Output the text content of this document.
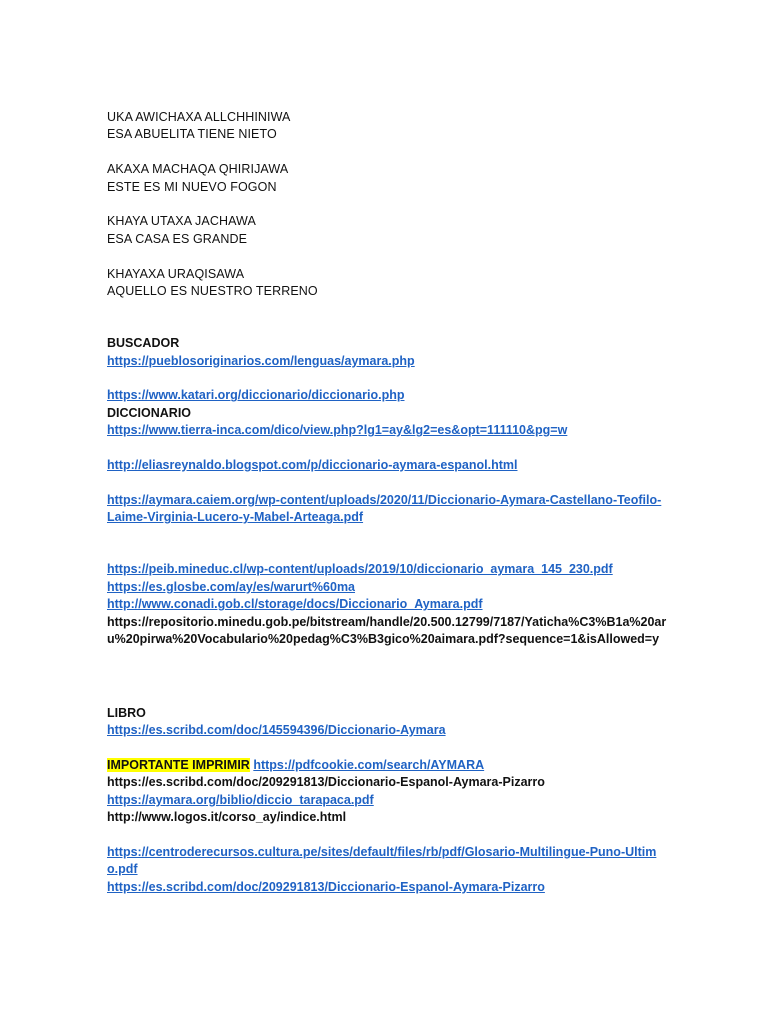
UKA AWICHAXA ALLCHHINIWA
ESA ABUELITA TIENE NIETO
AKAXA MACHAQA QHIRIJAWA
ESTE ES MI NUEVO FOGON
KHAYA UTAXA JACHAWA
ESA CASA ES GRANDE
KHAYAXA URAQISAWA
AQUELLO ES NUESTRO TERRENO
BUSCADOR
https://pueblosoriginarios.com/lenguas/aymara.php
https://www.katari.org/diccionario/diccionario.php
DICCIONARIO
https://www.tierra-inca.com/dico/view.php?lg1=ay&lg2=es&opt=111110&pg=w
http://eliasreynaldo.blogspot.com/p/diccionario-aymara-espanol.html
https://aymara.caiem.org/wp-content/uploads/2020/11/Diccionario-Aymara-Castellano-Teofilo-Laime-Virginia-Lucero-y-Mabel-Arteaga.pdf
https://peib.mineduc.cl/wp-content/uploads/2019/10/diccionario_aymara_145_230.pdf
https://es.glosbe.com/ay/es/warurt%60ma
http://www.conadi.gob.cl/storage/docs/Diccionario_Aymara.pdf
https://repositorio.minedu.gob.pe/bitstream/handle/20.500.12799/7187/Yaticha%C3%B1a%20aru%20pirwa%20Vocabulario%20pedag%C3%B3gico%20aimara.pdf?sequence=1&isAllowed=y
LIBRO
https://es.scribd.com/doc/145594396/Diccionario-Aymara
IMPORTANTE IMPRIMIR https://pdfcookie.com/search/AYMARA
https://es.scribd.com/doc/209291813/Diccionario-Espanol-Aymara-Pizarro
https://aymara.org/biblio/diccio_tarapaca.pdf
http://www.logos.it/corso_ay/indice.html
https://centroderecursos.cultura.pe/sites/default/files/rb/pdf/Glosario-Multilingue-Puno-Ultimo.pdf
https://es.scribd.com/doc/209291813/Diccionario-Espanol-Aymara-Pizarro
